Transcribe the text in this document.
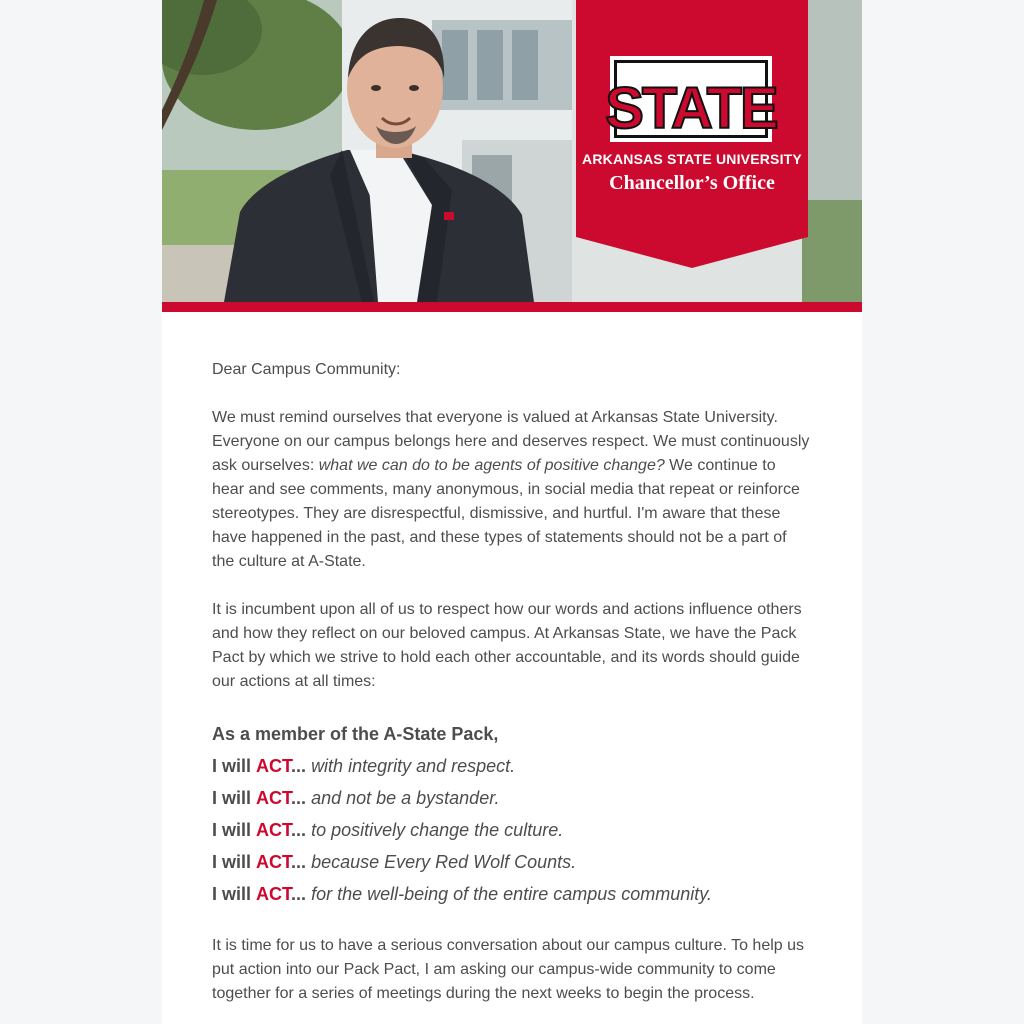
STATE
ARKANSAS STATE UNIVERSITY
Chancellor’s Office

Dear Campus Community:

We must remind ourselves that everyone is valued at Arkansas State University. Everyone on our campus belongs here and deserves respect. We must continuously ask ourselves: what we can do to be agents of positive change? We continue to hear and see comments, many anonymous, in social media that repeat or reinforce stereotypes. They are disrespectful, dismissive, and hurtful. I'm aware that these have happened in the past, and these types of statements should not be a part of the culture at A-State.

It is incumbent upon all of us to respect how our words and actions influence others and how they reflect on our beloved campus. At Arkansas State, we have the Pack Pact by which we strive to hold each other accountable, and its words should guide our actions at all times:

As a member of the A-State Pack,
I will ACT... with integrity and respect.
I will ACT... and not be a bystander.
I will ACT... to positively change the culture.
I will ACT... because Every Red Wolf Counts.
I will ACT... for the well-being of the entire campus community.

It is time for us to have a serious conversation about our campus culture. To help us put action into our Pack Pact, I am asking our campus-wide community to come together for a series of meetings during the next weeks to begin the process.
